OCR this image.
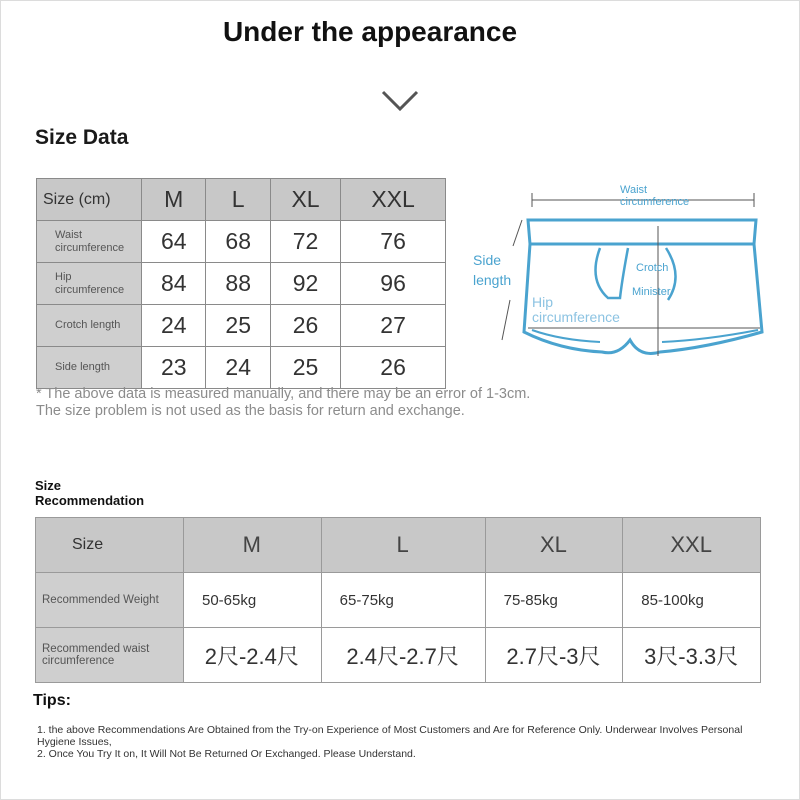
Under the appearance
Size Data
Size (cm)	M	L	XL	XXL
Waist circumference	64	68	72	76
Hip circumference	84	88	92	96
Crotch length	24	25	26	27
Side length	23	24	25	26
* The above data is measured manually, and there may be an error of 1-3cm. The size problem is not used as the basis for return and exchange.
Waist
circumference
Side
length
Hip
circumference
Crotch
Minister
Size
Recommendation
Size	M	L	XL	XXL
Recommended Weight	50-65kg	65-75kg	75-85kg	85-100kg
Recommended waist circumference	2尺-2.4尺	2.4尺-2.7尺	2.7尺-3尺	3尺-3.3尺
Tips:
1. the above Recommendations Are Obtained from the Try-on Experience of Most Customers and Are for Reference Only. Underwear Involves Personal Hygiene Issues,
2. Once You Try It on, It Will Not Be Returned Or Exchanged. Please Understand.
